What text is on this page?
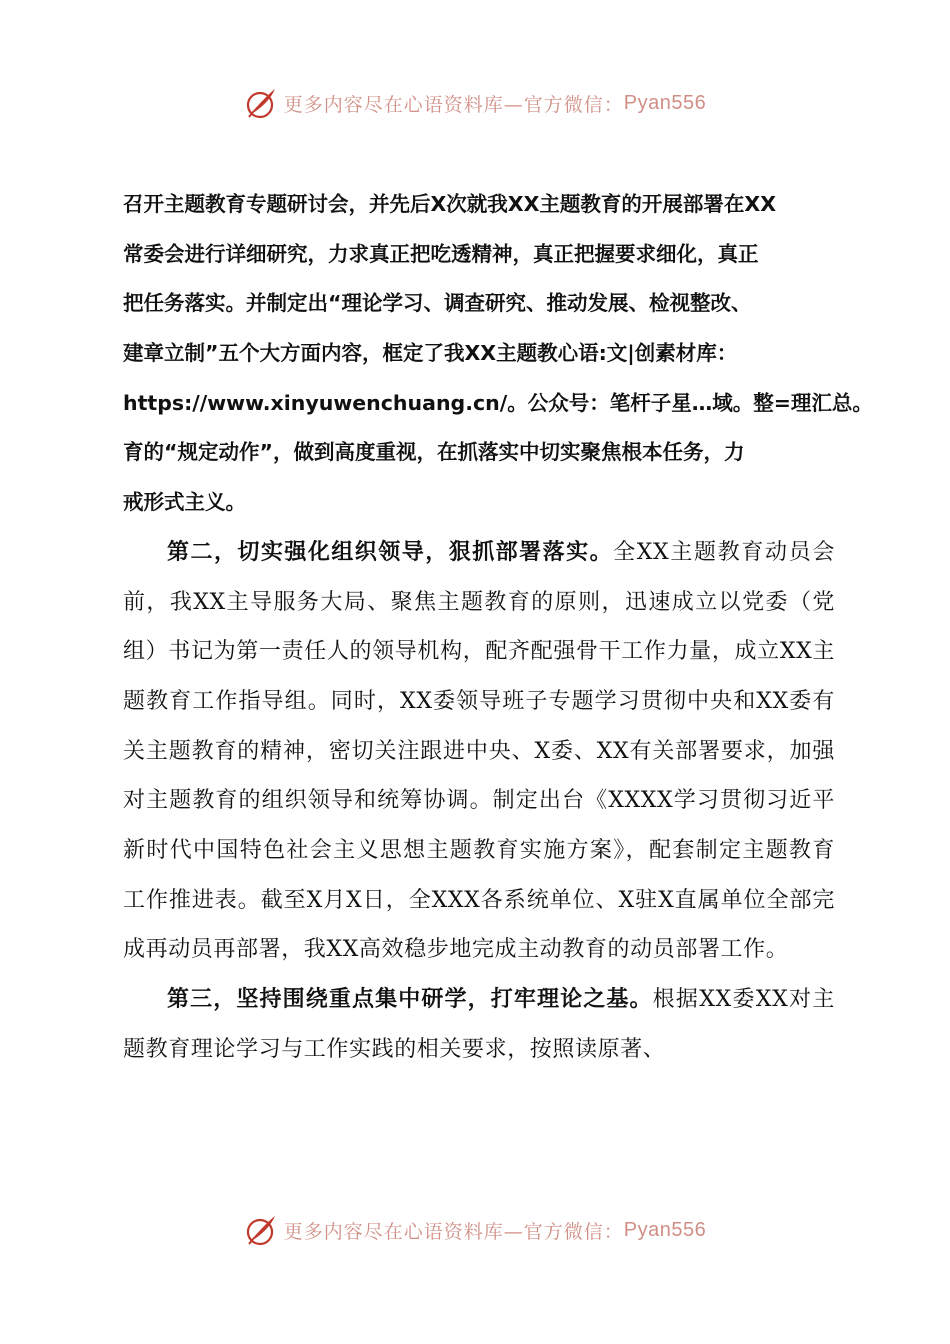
更多内容尽在心语资料库—官方微信： Pyan556
召开主题教育专题研讨会，并先后X次就我XX主题教育的开展部署在XX
常委会进行详细研究，力求真正把吃透精神，真正把握要求细化，真正
把任务落实。并制定出“理论学习、调查研究、推动发展、检视整改、
建章立制”五个大方面内容，框定了我XX主题教心语:文|创素材库：
https://www.xinyuwenchuang.cn/。公众号：笔杆子星…域。整=理汇总。
育的“规定动作”，做到高度重视，在抓落实中切实聚焦根本任务，力
戒形式主义。

第二，切实强化组织领导，狠抓部署落实。全XX主题教育动员会前，我XX主导服务大局、聚焦主题教育的原则，迅速成立以党委（党组）书记为第一责任人的领导机构，配齐配强骨干工作力量，成立XX主题教育工作指导组。同时，XX委领导班子专题学习贯彻中央和XX委有关主题教育的精神，密切关注跟进中央、X委、XX有关部署要求，加强对主题教育的组织领导和统筹协调。制定出台《XXXX学习贯彻习近平新时代中国特色社会主义思想主题教育实施方案》，配套制定主题教育工作推进表。截至X月X日，全XXX各系统单位、X驻X直属单位全部完成再动员再部署，我XX高效稳步地完成主动教育的动员部署工作。

第三，坚持围绕重点集中研学，打牢理论之基。根据XX委XX对主题教育理论学习与工作实践的相关要求，按照读原著、

更多内容尽在心语资料库—官方微信： Pyan556
